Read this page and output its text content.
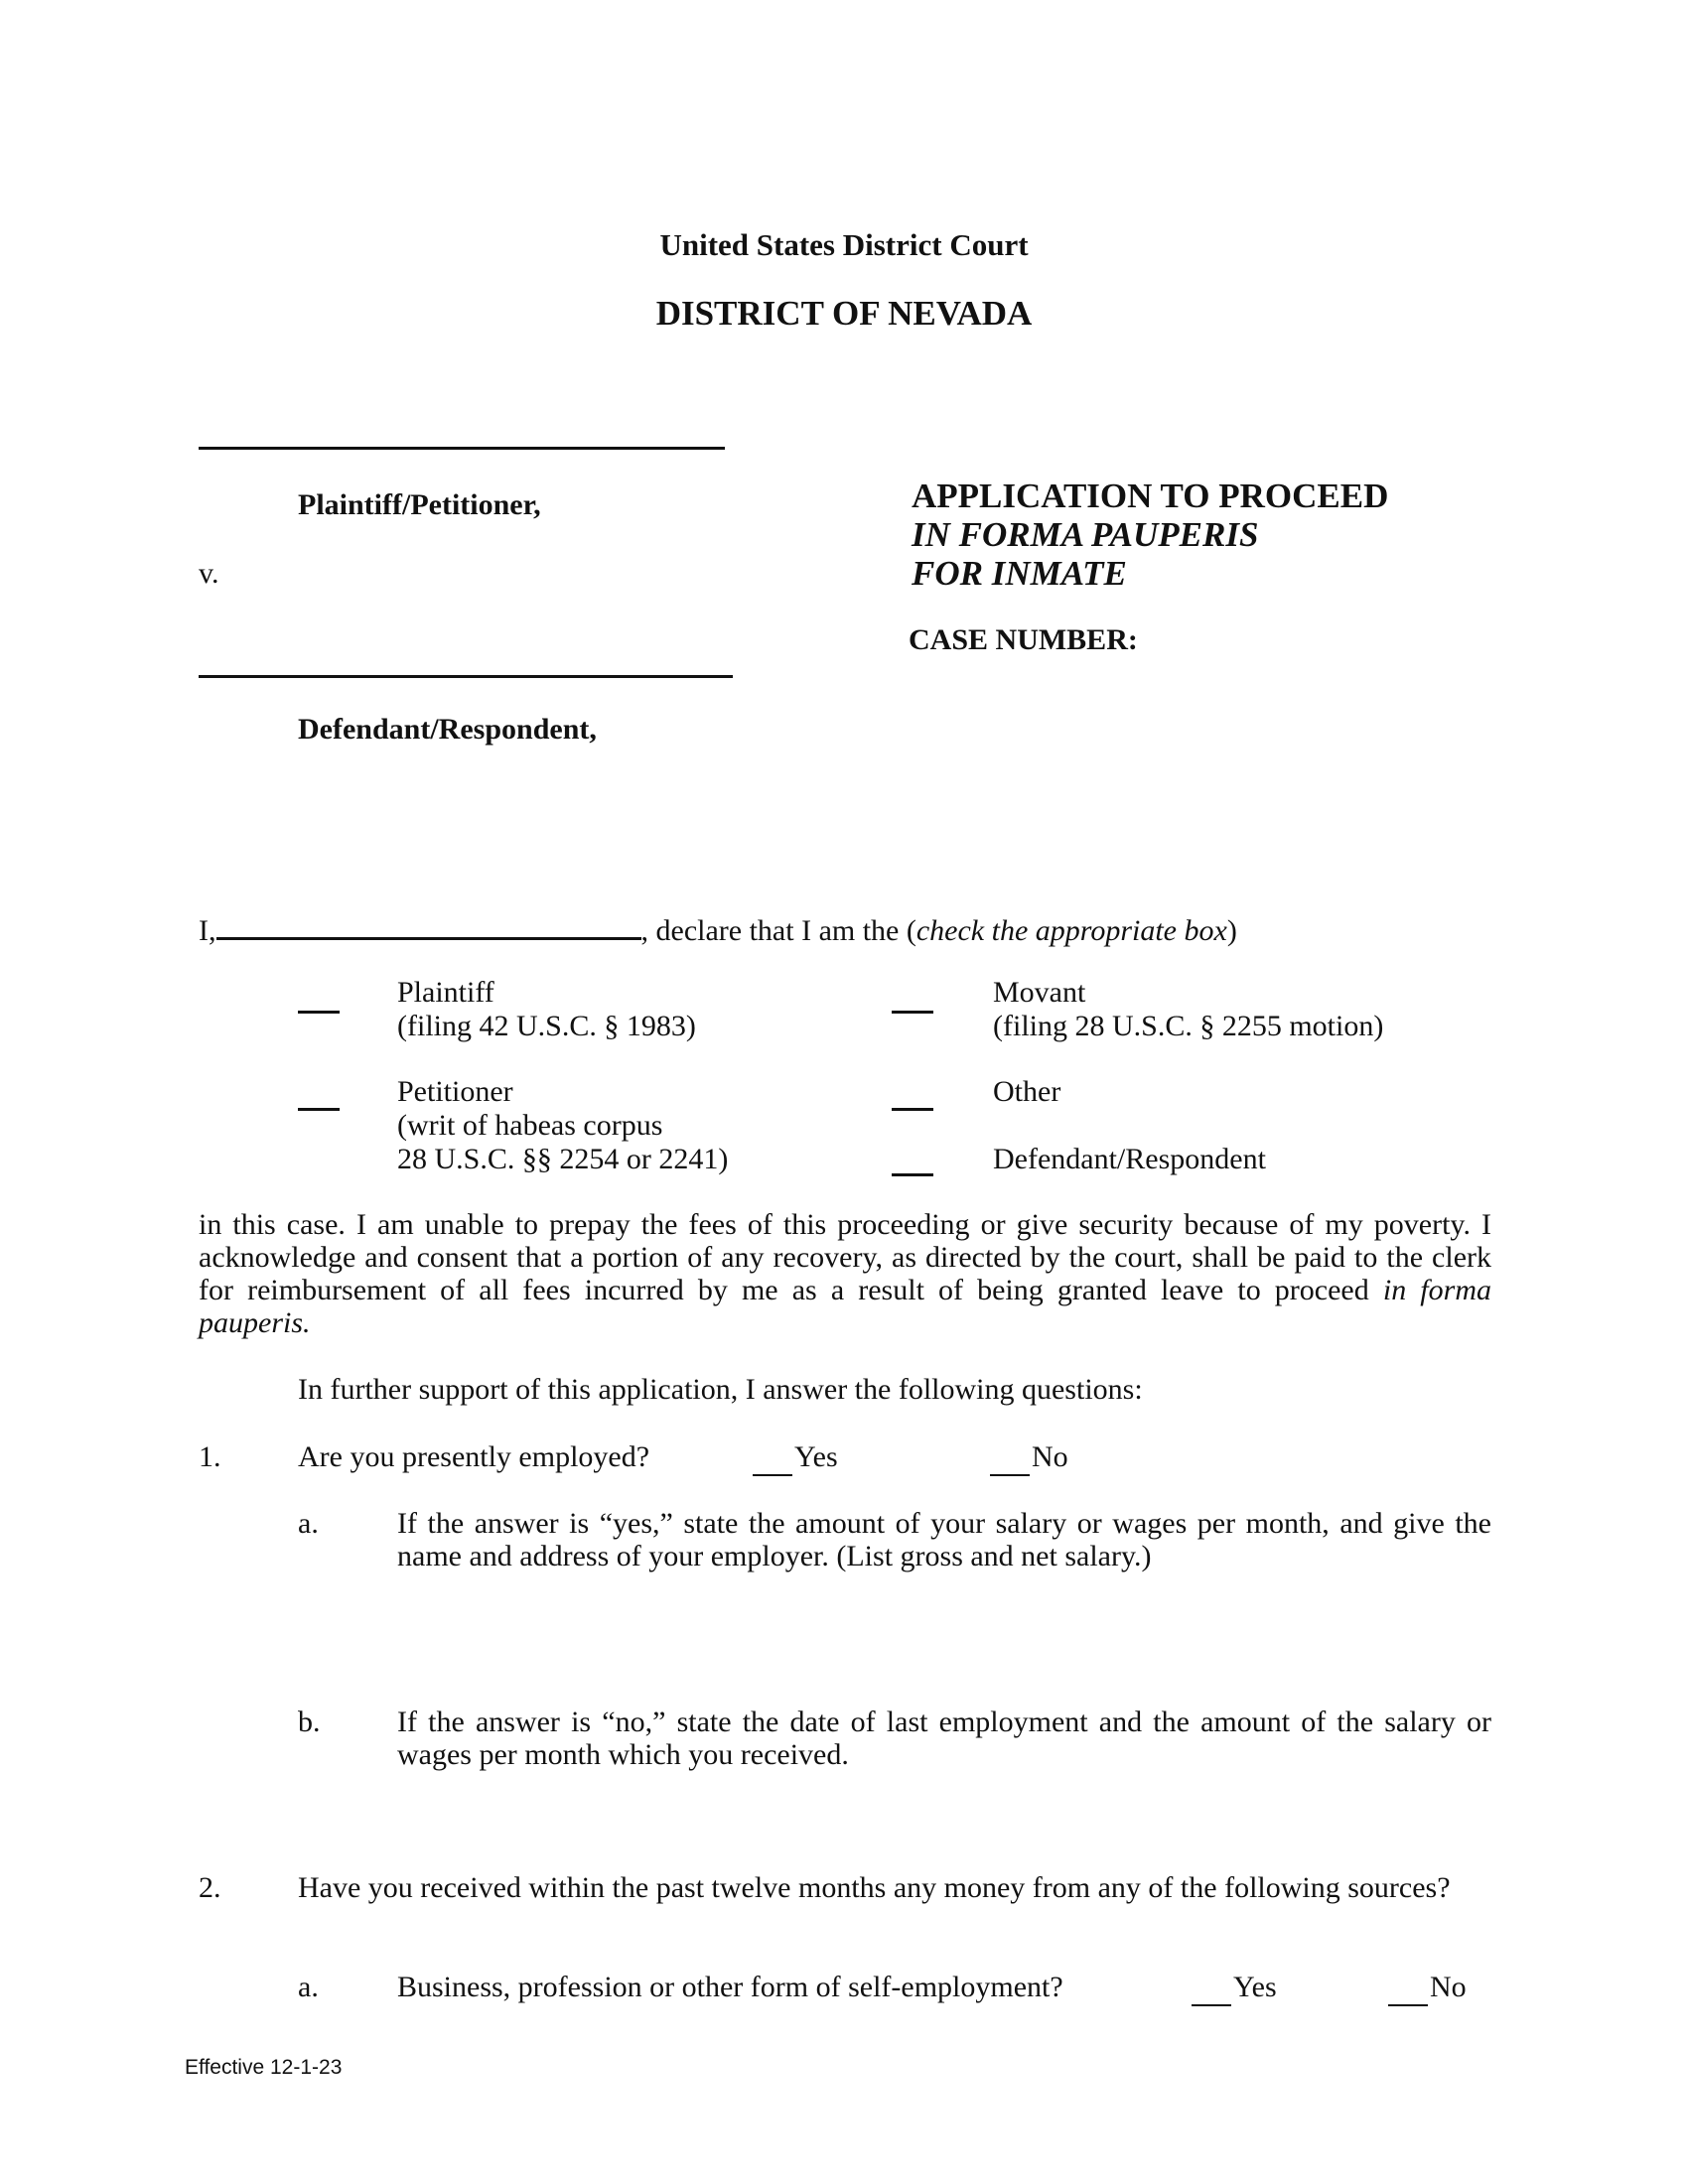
United States District Court
DISTRICT OF NEVADA
Plaintiff/Petitioner,
v.
Defendant/Respondent,
APPLICATION TO PROCEED
IN FORMA PAUPERIS
FOR INMATE
CASE NUMBER:
I,	, declare that I am the (check the appropriate box)
Plaintiff
(filing 42 U.S.C. § 1983)
Movant
(filing 28 U.S.C. § 2255 motion)
Petitioner
(writ of habeas corpus
28 U.S.C. §§ 2254 or 2241)
Other
Defendant/Respondent
in this case. I am unable to prepay the fees of this proceeding or give security because of my poverty. I acknowledge and consent that a portion of any recovery, as directed by the court, shall be paid to the clerk for reimbursement of all fees incurred by me as a result of being granted leave to proceed in forma pauperis.
In further support of this application, I answer the following questions:
1.	Are you presently employed?	Yes	No
a.	If the answer is “yes,” state the amount of your salary or wages per month, and give the name and address of your employer. (List gross and net salary.)
b.	If the answer is “no,” state the date of last employment and the amount of the salary or wages per month which you received.
2.	Have you received within the past twelve months any money from any of the following sources?
a.	Business, profession or other form of self-employment?	Yes	No
Effective 12-1-23
